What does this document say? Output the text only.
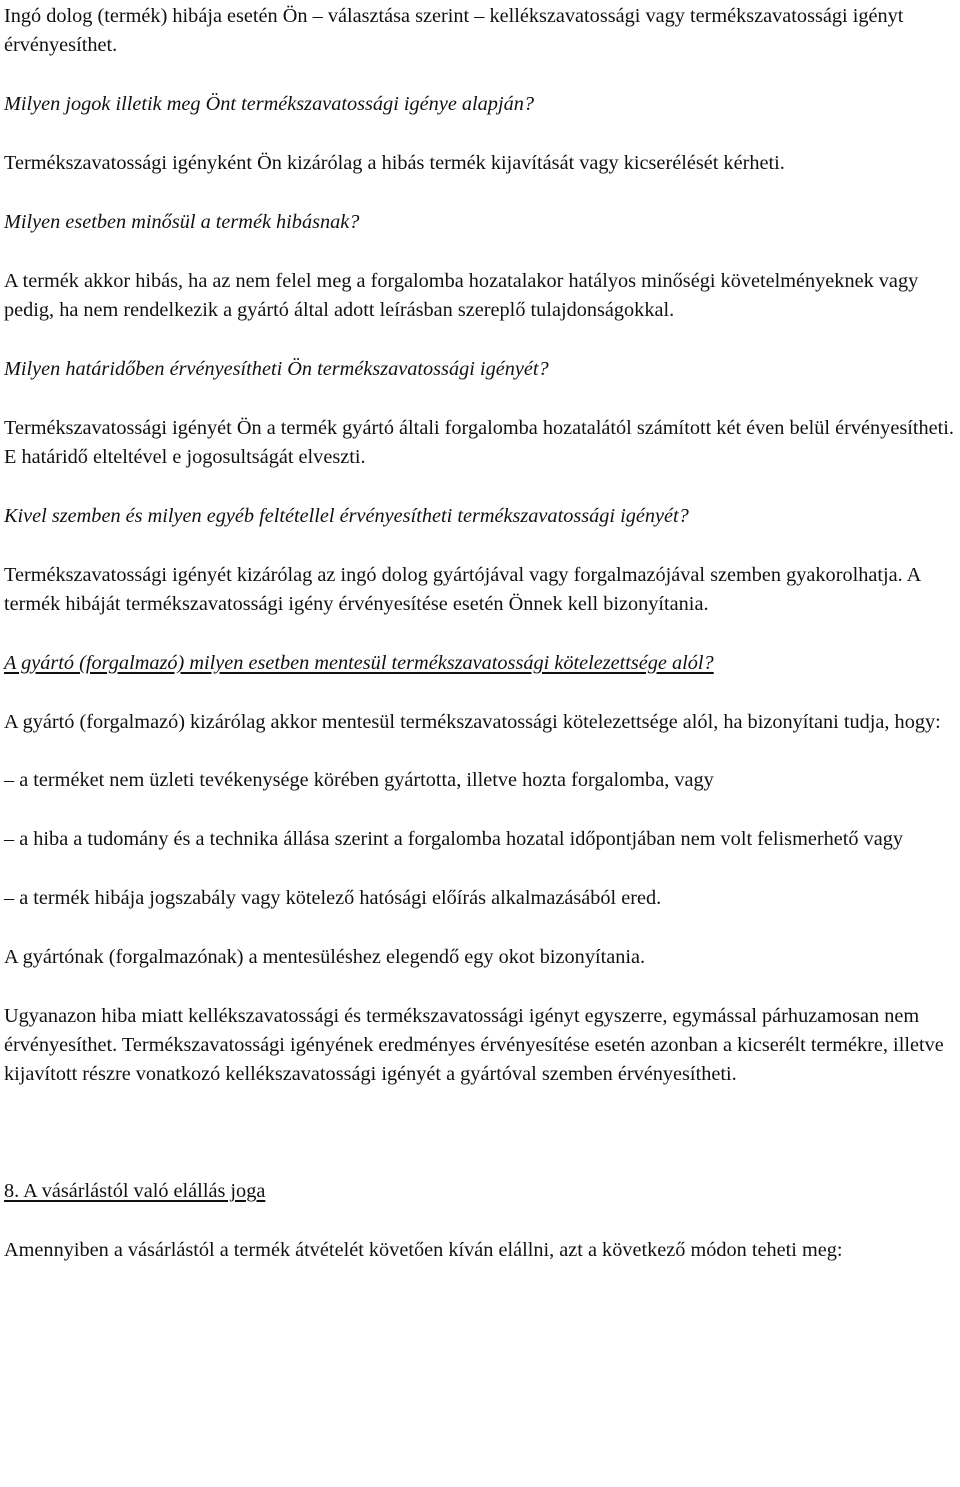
Ingó dolog (termék) hibája esetén Ön – választása szerint – kellékszavatossági vagy termékszavatossági igényt érvényesíthet.

Milyen jogok illetik meg Önt termékszavatossági igénye alapján?

Termékszavatossági igényként Ön kizárólag a hibás termék kijavítását vagy kicserélését kérheti.

Milyen esetben minősül a termék hibásnak?

A termék akkor hibás, ha az nem felel meg a forgalomba hozatalakor hatályos minőségi követelményeknek vagy pedig, ha nem rendelkezik a gyártó által adott leírásban szereplő tulajdonságokkal.

Milyen határidőben érvényesítheti Ön termékszavatossági igényét?

Termékszavatossági igényét Ön a termék gyártó általi forgalomba hozatalától számított két éven belül érvényesítheti. E határidő elteltével e jogosultságát elveszti.

Kivel szemben és milyen egyéb feltétellel érvényesítheti termékszavatossági igényét?

Termékszavatossági igényét kizárólag az ingó dolog gyártójával vagy forgalmazójával szemben gyakorolhatja. A termék hibáját termékszavatossági igény érvényesítése esetén Önnek kell bizonyítania.

A gyártó (forgalmazó) milyen esetben mentesül termékszavatossági kötelezettsége alól?

A gyártó (forgalmazó) kizárólag akkor mentesül termékszavatossági kötelezettsége alól, ha bizonyítani tudja, hogy:

– a terméket nem üzleti tevékenysége körében gyártotta, illetve hozta forgalomba, vagy

– a hiba a tudomány és a technika állása szerint a forgalomba hozatal időpontjában nem volt felismerhető vagy

– a termék hibája jogszabály vagy kötelező hatósági előírás alkalmazásából ered.

A gyártónak (forgalmazónak) a mentesüléshez elegendő egy okot bizonyítania.

Ugyanazon hiba miatt kellékszavatossági és termékszavatossági igényt egyszerre, egymással párhuzamosan nem érvényesíthet. Termékszavatossági igényének eredményes érvényesítése esetén azonban a kicserélt termékre, illetve kijavított részre vonatkozó kellékszavatossági igényét a gyártóval szemben érvényesítheti.

8. A vásárlástól való elállás joga

Amennyiben a vásárlástól a termék átvételét követően kíván elállni, azt a következő módon teheti meg:
